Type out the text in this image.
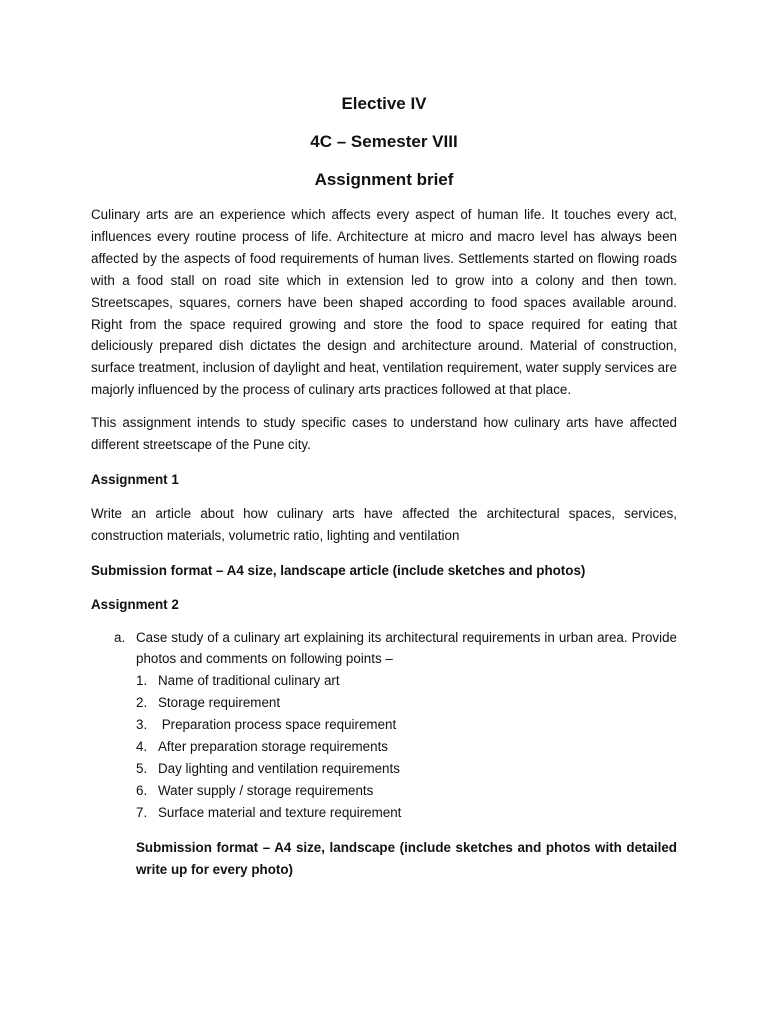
Elective IV

4C – Semester VIII

Assignment brief

Culinary arts are an experience which affects every aspect of human life. It touches every act, influences every routine process of life. Architecture at micro and macro level has always been affected by the aspects of food requirements of human lives. Settlements started on flowing roads with a food stall on road site which in extension led to grow into a colony and then town. Streetscapes, squares, corners have been shaped according to food spaces available around. Right from the space required growing and store the food to space required for eating that deliciously prepared dish dictates the design and architecture around. Material of construction, surface treatment, inclusion of daylight and heat, ventilation requirement, water supply services are majorly influenced by the process of culinary arts practices followed at that place.

This assignment intends to study specific cases to understand how culinary arts have affected different streetscape of the Pune city.

Assignment 1

Write an article about how culinary arts have affected the architectural spaces, services, construction materials, volumetric ratio, lighting and ventilation

Submission format – A4 size, landscape article (include sketches and photos)

Assignment 2

a. Case study of a culinary art explaining its architectural requirements in urban area. Provide photos and comments on following points –

1. Name of traditional culinary art
2. Storage requirement
3. Preparation process space requirement
4. After preparation storage requirements
5. Day lighting and ventilation requirements
6. Water supply / storage requirements
7. Surface material and texture requirement

Submission format – A4 size, landscape (include sketches and photos with detailed write up for every photo)
